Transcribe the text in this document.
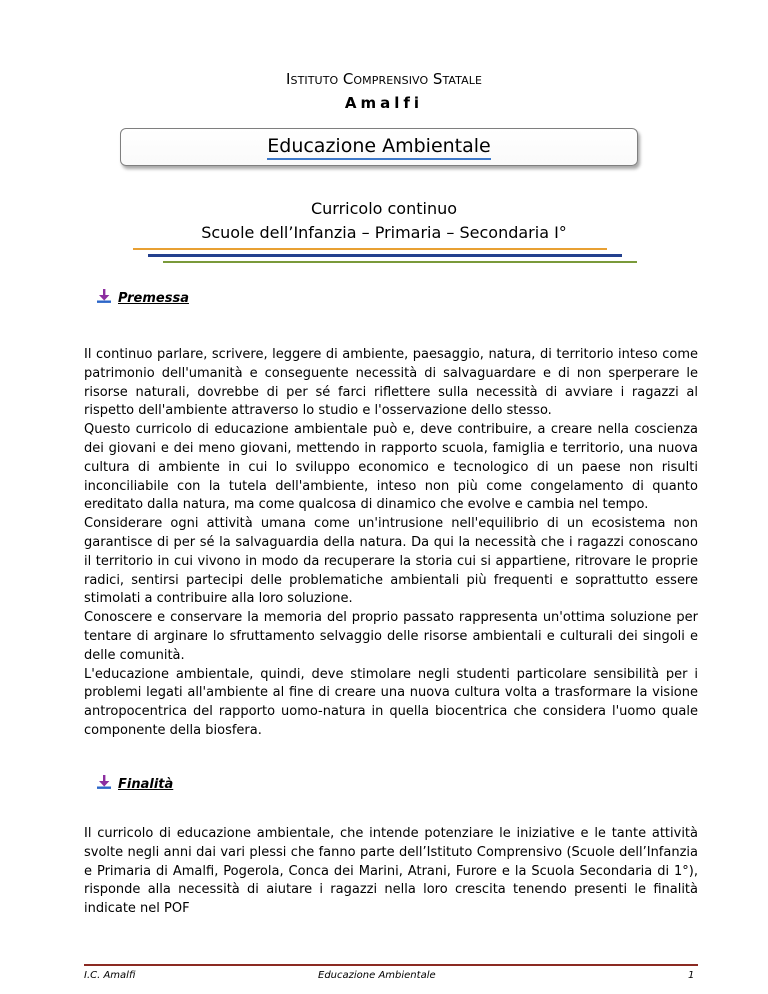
ISTITUTO COMPRENSIVO STATALE
Amalfi
Educazione Ambientale
Curricolo continuo
Scuole dell’Infanzia – Primaria – Secondaria I°
Premessa
Il continuo parlare, scrivere, leggere di ambiente, paesaggio, natura, di territorio inteso come patrimonio dell'umanità e conseguente necessità di salvaguardare e di non sperperare le risorse naturali, dovrebbe di per sé farci riflettere sulla necessità di avviare i ragazzi al rispetto dell'ambiente attraverso lo studio e l'osservazione dello stesso.
Questo curricolo di educazione ambientale può e, deve contribuire, a creare nella coscienza dei giovani e dei meno giovani, mettendo in rapporto scuola, famiglia e territorio, una nuova cultura di ambiente in cui lo sviluppo economico e tecnologico di un paese non risulti inconciliabile con la tutela dell'ambiente, inteso non più come congelamento di quanto ereditato dalla natura, ma come qualcosa di dinamico che evolve e cambia nel tempo.
Considerare ogni attività umana come un'intrusione nell'equilibrio di un ecosistema non garantisce di per sé la salvaguardia della natura. Da qui la necessità che i ragazzi conoscano il territorio in cui vivono in modo da recuperare la storia cui si appartiene, ritrovare le proprie radici, sentirsi partecipi delle problematiche ambientali più frequenti e soprattutto essere stimolati a contribuire alla loro soluzione.
Conoscere e conservare la memoria del proprio passato rappresenta un'ottima soluzione per tentare di arginare lo sfruttamento selvaggio delle risorse ambientali e culturali dei singoli e delle comunità.
L'educazione ambientale, quindi, deve stimolare negli studenti particolare sensibilità per i problemi legati all'ambiente al fine di creare una nuova cultura volta a trasformare la visione antropocentrica del rapporto uomo-natura in quella biocentrica che considera l'uomo quale componente della biosfera.
Finalità
Il curricolo di educazione ambientale, che intende potenziare le iniziative e le tante attività svolte negli anni dai vari plessi che fanno parte dell’Istituto Comprensivo (Scuole dell’Infanzia e Primaria di Amalfi, Pogerola, Conca dei Marini, Atrani, Furore e la Scuola Secondaria di 1°), risponde alla necessità di aiutare i ragazzi nella loro crescita tenendo presenti le finalità indicate nel POF
I.C. Amalfi	Educazione Ambientale	1
